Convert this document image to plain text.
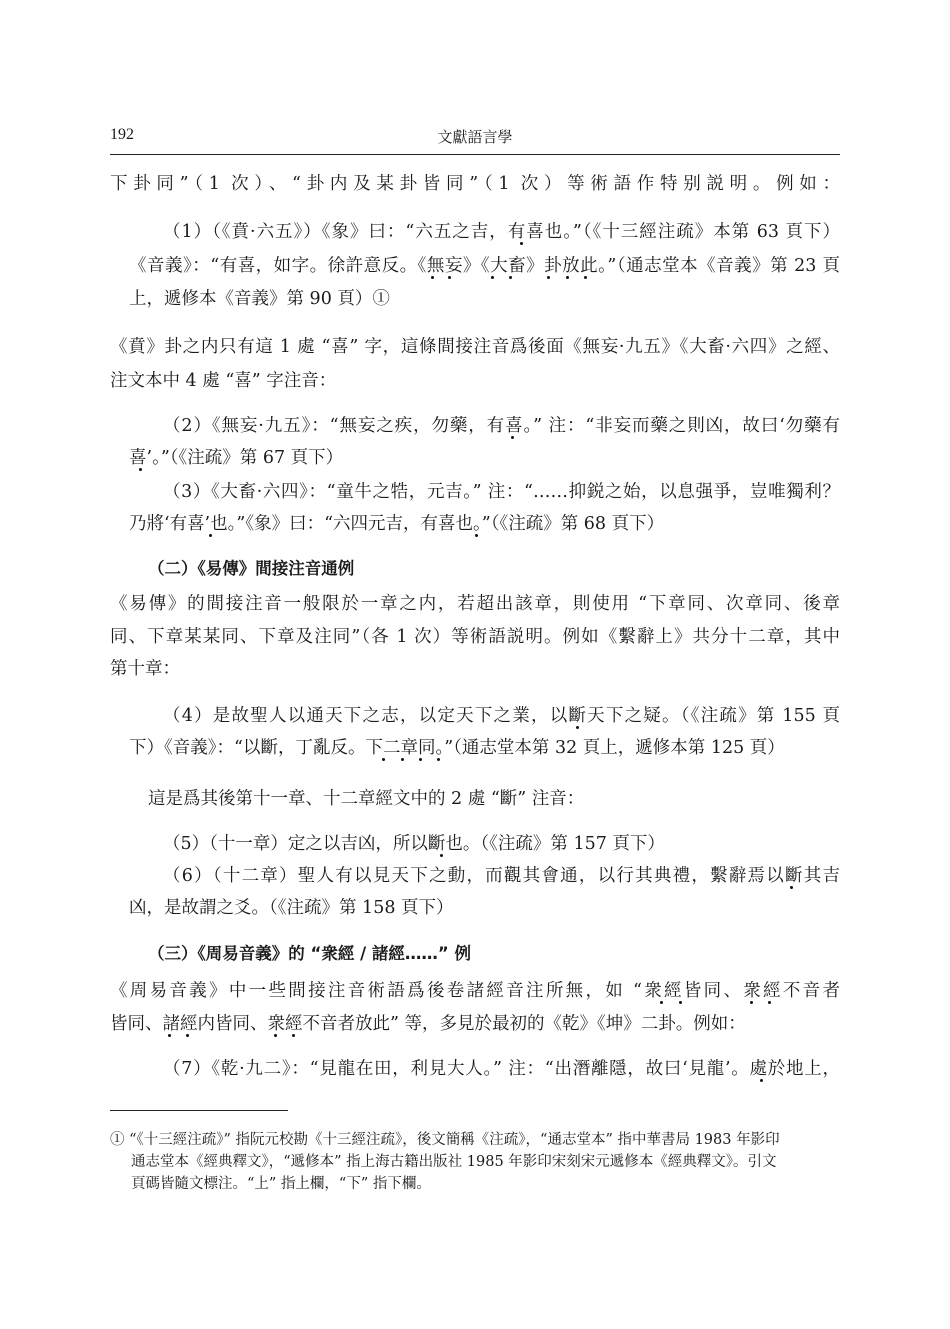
192	文獻語言學
下卦同”（1 次）、“卦内及某卦皆同”（1 次）等術語作特别説明。例如：
（1）（《賁·六五》）《象》曰：“六五之吉，有喜也。”（《十三經注疏》本第 63 頁下）
《音義》：“有喜，如字。徐許意反。《無妄》《大畜》卦放此。”（通志堂本《音義》第 23 頁
上，遞修本《音義》第 90 頁）①
《賁》卦之内只有這 1 處 “喜” 字，這條間接注音爲後面《無妄·九五》《大畜·六四》之經、
注文本中 4 處 “喜” 字注音：
（2）《無妄·九五》：“無妄之疾，勿藥，有喜。” 注：“非妄而藥之則凶，故曰‘勿藥有
喜’。”（《注疏》第 67 頁下）
（3）《大畜·六四》：“童牛之牿，元吉。” 注：“……抑鋭之始，以息强爭，豈唯獨利？
乃將‘有喜’也。”《象》曰：“六四元吉，有喜也。”（《注疏》第 68 頁下）
（二）《易傳》間接注音通例
《易傳》的間接注音一般限於一章之内，若超出該章，則使用 “下章同、次章同、後章
同、下章某某同、下章及注同”（各 1 次）等術語説明。例如《繫辭上》共分十二章，其中
第十章：
（4）是故聖人以通天下之志，以定天下之業，以斷天下之疑。（《注疏》第 155 頁
下）《音義》：“以斷，丁亂反。下二章同。”（通志堂本第 32 頁上，遞修本第 125 頁）
這是爲其後第十一章、十二章經文中的 2 處 “斷” 注音：
（5）（十一章）定之以吉凶，所以斷也。（《注疏》第 157 頁下）
（6）（十二章）聖人有以見天下之動，而觀其會通，以行其典禮，繫辭焉以斷其吉
凶，是故謂之爻。（《注疏》第 158 頁下）
（三）《周易音義》的 “衆經 / 諸經……” 例
《周易音義》中一些間接注音術語爲後卷諸經音注所無，如 “衆經皆同、衆經不音者
皆同、諸經内皆同、衆經不音者放此” 等，多見於最初的《乾》《坤》二卦。例如：
（7）《乾·九二》：“見龍在田，利見大人。” 注：“出潛離隱，故曰‘見龍’。處於地上，
① “《十三經注疏》” 指阮元校勘《十三經注疏》，後文簡稱《注疏》，“通志堂本” 指中華書局 1983 年影印
通志堂本《經典釋文》，“遞修本” 指上海古籍出版社 1985 年影印宋刻宋元遞修本《經典釋文》。引文
頁碼皆隨文標注。“上” 指上欄，“下” 指下欄。
